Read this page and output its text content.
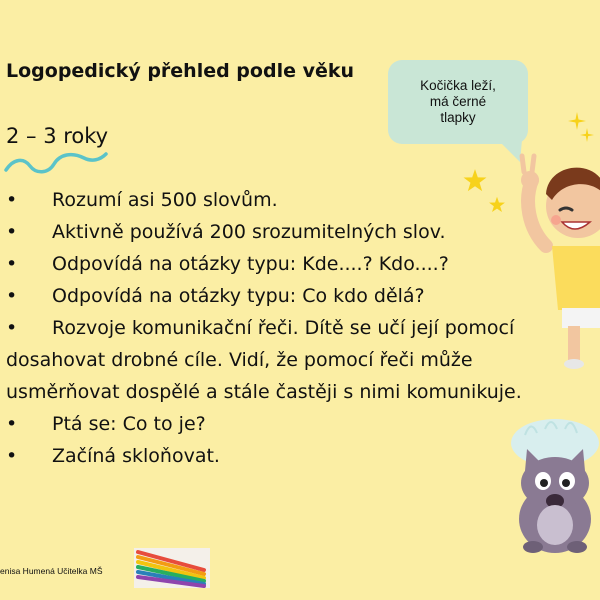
Logopedický přehled podle věku
2 – 3 roky
• Rozumí asi 500 slovům.
• Aktivně používá 200 srozumitelných slov.
• Odpovídá na otázky typu: Kde....? Kdo....?
• Odpovídá na otázky typu: Co kdo dělá?
• Rozvoje komunikační řeči. Dítě se učí její pomocí dosahovat drobné cíle. Vidí, že pomocí řeči může usměrňovat dospělé a stále častěji s nimi komunikuje.
• Ptá se: Co to je?
• Začíná skloňovat.
Kočička leží,
má černé
tlapky
enisa Humená Učitelka MŠ
